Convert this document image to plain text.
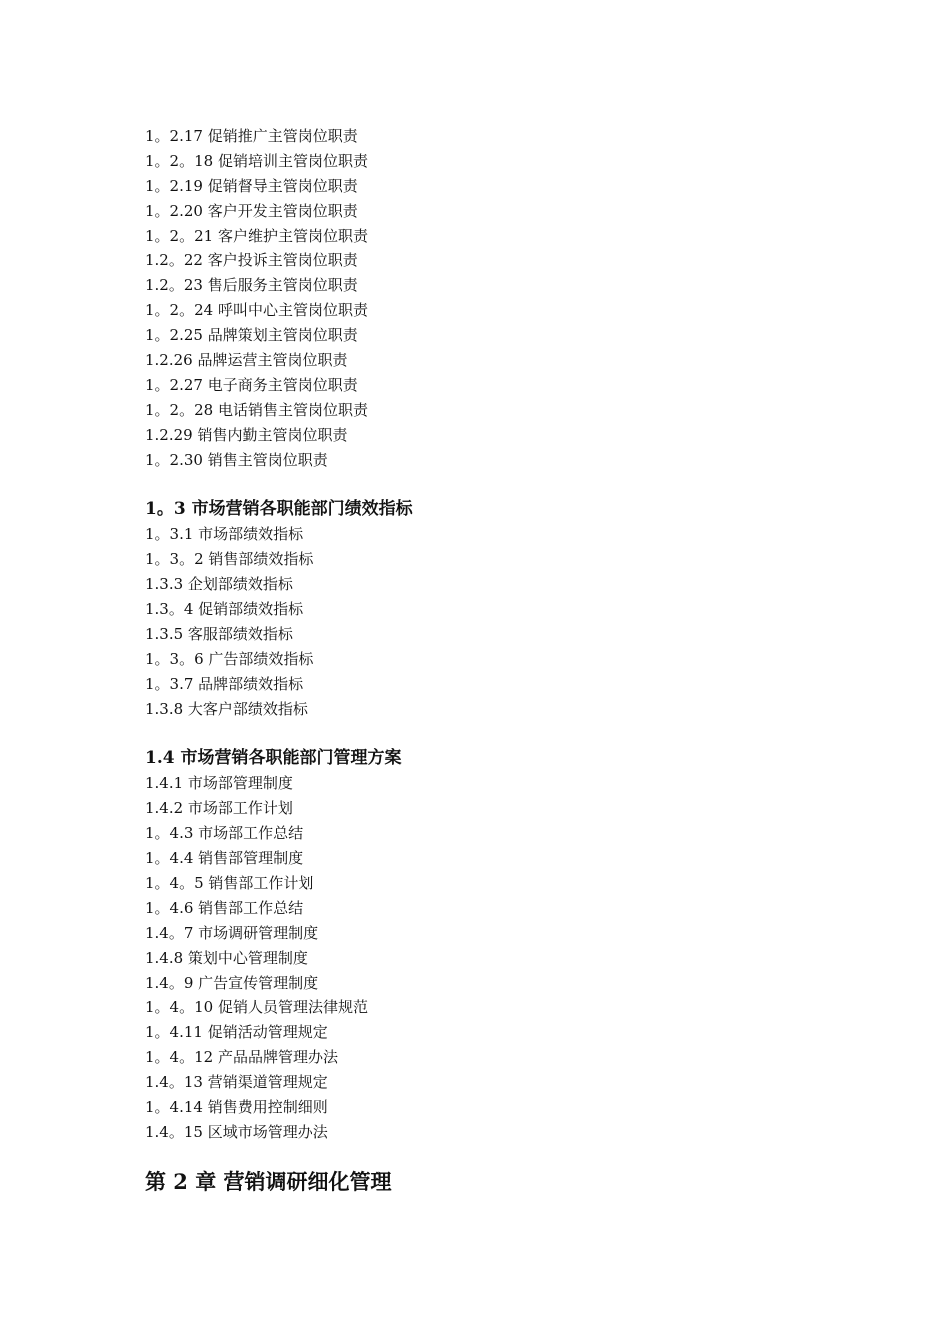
1。2.17 促销推广主管岗位职责
1。2。18 促销培训主管岗位职责
1。2.19 促销督导主管岗位职责
1。2.20 客户开发主管岗位职责
1。2。21 客户维护主管岗位职责
1.2。22 客户投诉主管岗位职责
1.2。23 售后服务主管岗位职责
1。2。24 呼叫中心主管岗位职责
1。2.25 品牌策划主管岗位职责
1.2.26 品牌运营主管岗位职责
1。2.27 电子商务主管岗位职责
1。2。28 电话销售主管岗位职责
1.2.29 销售内勤主管岗位职责
1。2.30 销售主管岗位职责
1。3 市场营销各职能部门绩效指标
1。3.1 市场部绩效指标
1。3。2 销售部绩效指标
1.3.3 企划部绩效指标
1.3。4 促销部绩效指标
1.3.5 客服部绩效指标
1。3。6 广告部绩效指标
1。3.7 品牌部绩效指标
1.3.8 大客户部绩效指标
1.4 市场营销各职能部门管理方案
1.4.1 市场部管理制度
1.4.2 市场部工作计划
1。4.3 市场部工作总结
1。4.4 销售部管理制度
1。4。5 销售部工作计划
1。4.6 销售部工作总结
1.4。7 市场调研管理制度
1.4.8 策划中心管理制度
1.4。9 广告宣传管理制度
1。4。10 促销人员管理法律规范
1。4.11 促销活动管理规定
1。4。12 产品品牌管理办法
1.4。13 营销渠道管理规定
1。4.14 销售费用控制细则
1.4。15 区域市场管理办法
第 2 章 营销调研细化管理
